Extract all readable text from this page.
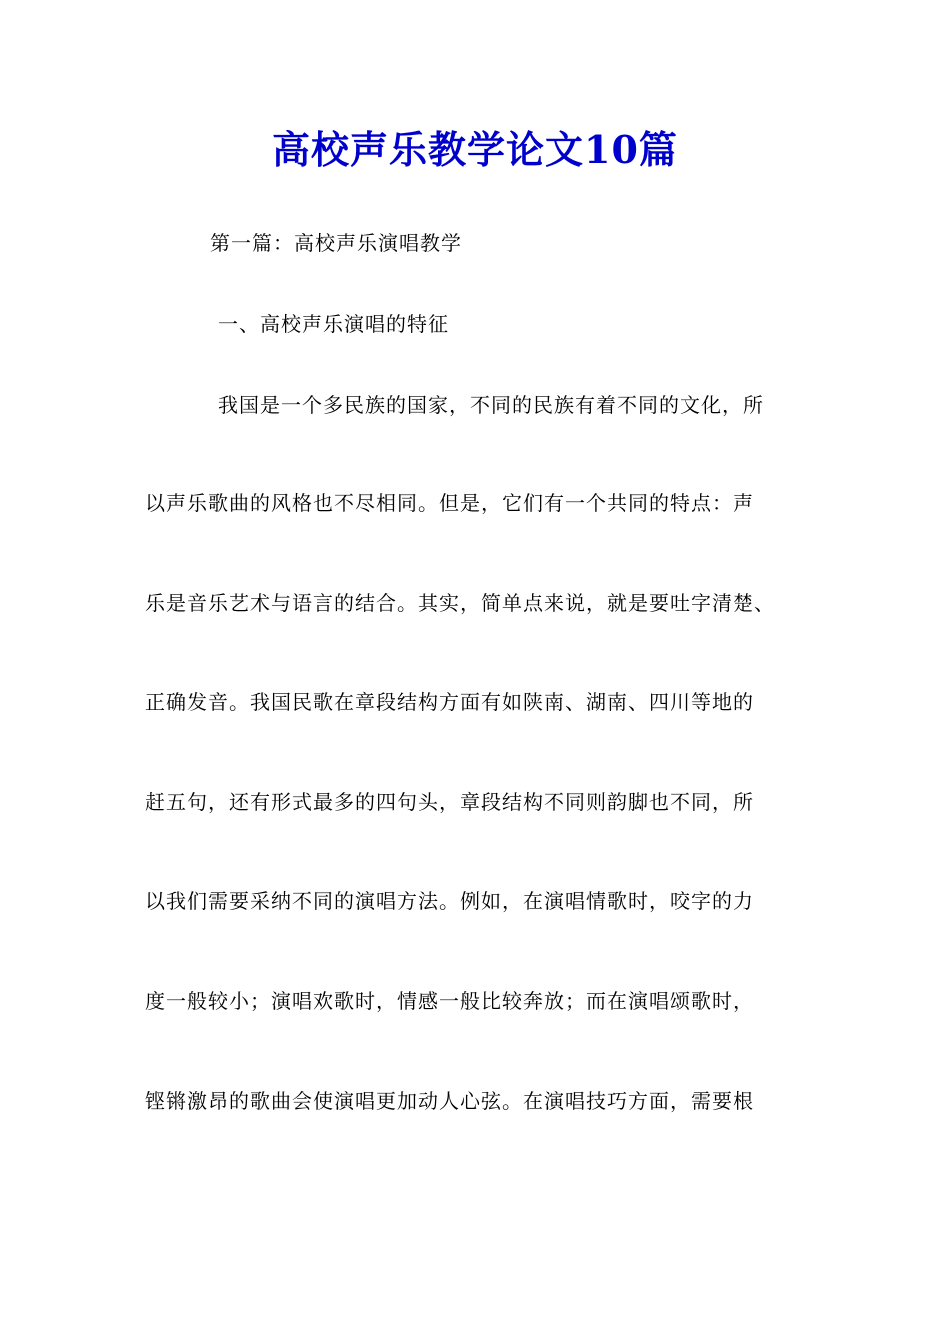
高校声乐教学论文10篇
第一篇：高校声乐演唱教学
一、高校声乐演唱的特征
我国是一个多民族的国家，不同的民族有着不同的文化，所
以声乐歌曲的风格也不尽相同。但是，它们有一个共同的特点：声
乐是音乐艺术与语言的结合。其实，简单点来说，就是要吐字清楚、
正确发音。我国民歌在章段结构方面有如陕南、湖南、四川等地的
赶五句，还有形式最多的四句头，章段结构不同则韵脚也不同，所
以我们需要采纳不同的演唱方法。例如，在演唱情歌时，咬字的力
度一般较小；演唱欢歌时，情感一般比较奔放；而在演唱颂歌时，
铿锵激昂的歌曲会使演唱更加动人心弦。在演唱技巧方面，需要根
